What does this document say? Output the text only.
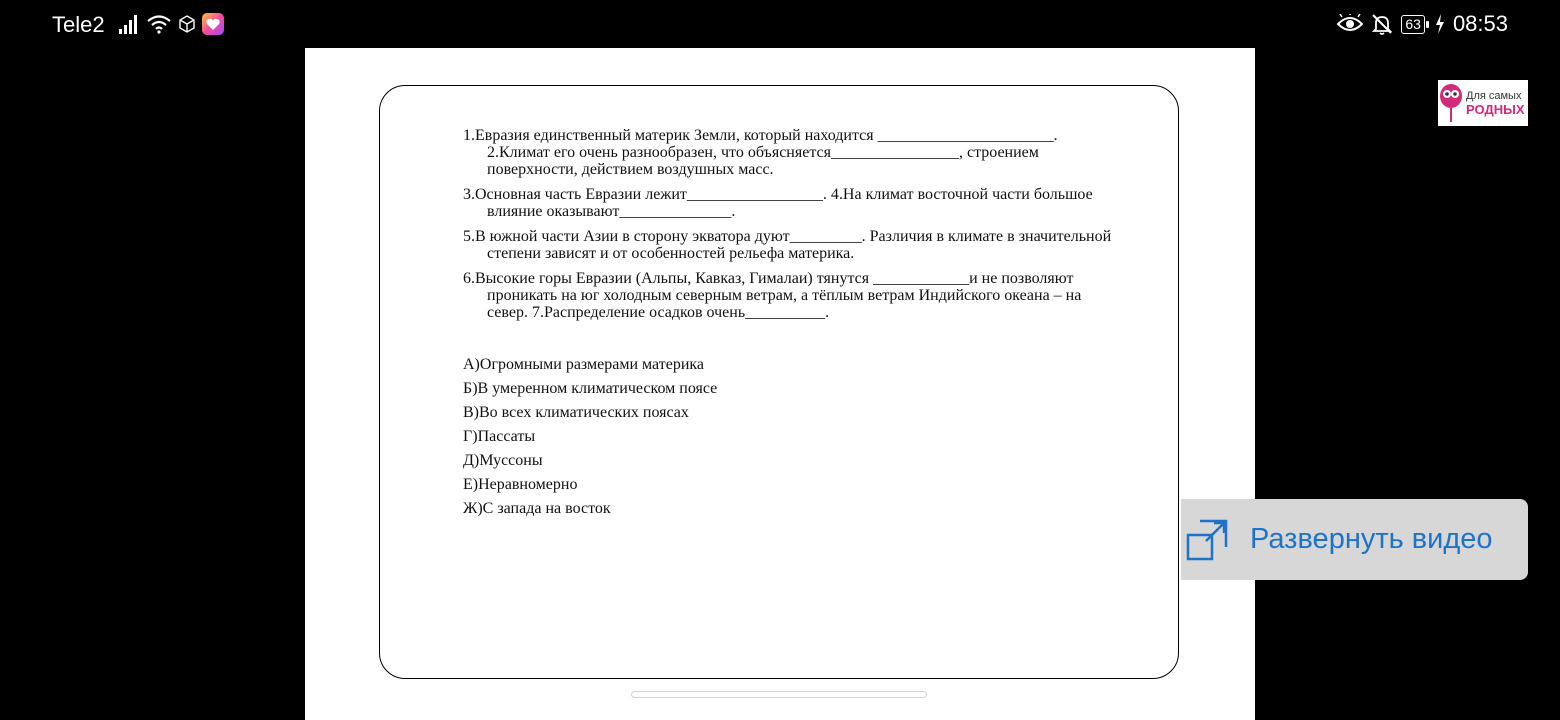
Tele2	63 08:53

1.Евразия единственный материк Земли, который находится ______________________. 2.Климат его очень разнообразен, что объясняется________________, строением поверхности, действием воздушных масс.

3.Основная часть Евразии лежит_________________. 4.На климат восточной части большое влияние оказывают______________.

5.В южной части Азии в сторону экватора дуют_________. Различия в климате в значительной степени зависят и от особенностей рельефа материка.

6.Высокие горы Евразии (Альпы, Кавказ, Гималаи) тянутся ____________и не позволяют проникать на юг холодным северным ветрам, а тёплым ветрам Индийского океана – на север. 7.Распределение осадков очень__________.

А)Огромными размерами материка
Б)В умеренном климатическом поясе
В)Во всех климатических поясах
Г)Пассаты
Д)Муссоны
Е)Неравномерно
Ж)С запада на восток
Для самых
РОДНЫХ
Развернуть видео
